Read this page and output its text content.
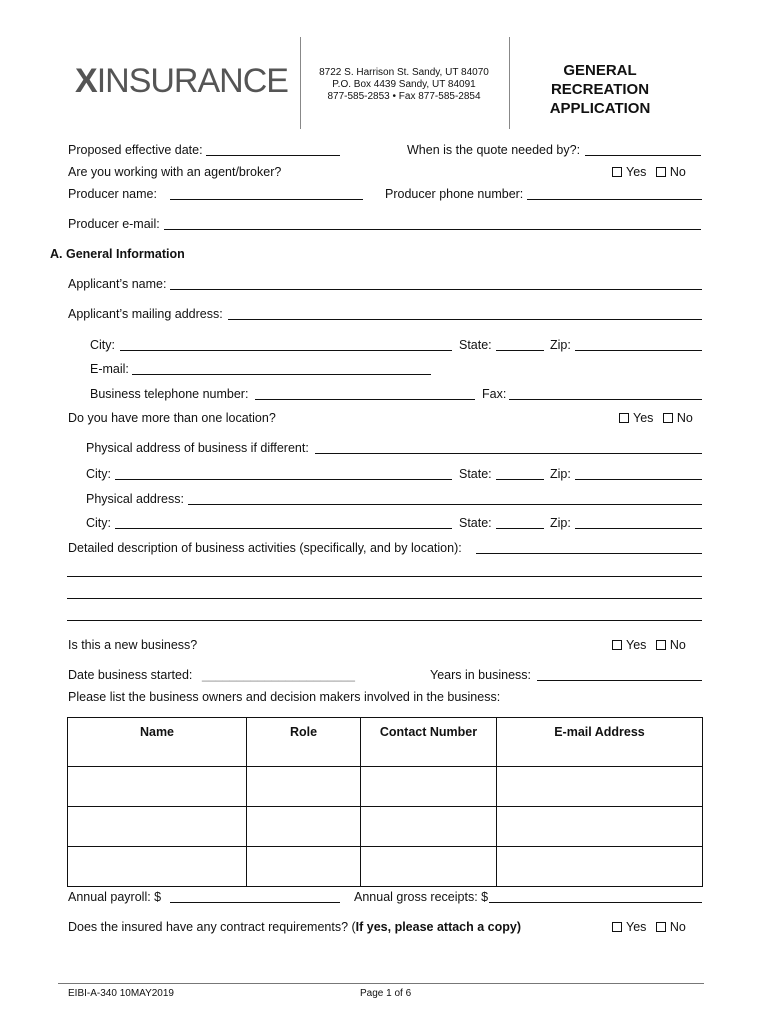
XINSURANCE	8722 S. Harrison St. Sandy, UT 84070
P.O. Box 4439 Sandy, UT 84091
877-585-2853 • Fax 877-585-2854
GENERAL
RECREATION
APPLICATION
Proposed effective date:	When is the quote needed by?:
Are you working with an agent/broker?	Yes No
Producer name:	Producer phone number:
Producer e-mail:
A. General Information
Applicant’s name:
Applicant’s mailing address:
City:	State:	Zip:
E-mail:
Business telephone number:	Fax:
Do you have more than one location?	Yes No
Physical address of business if different:
City:	State:	Zip:
Physical address:
City:	State:	Zip:
Detailed description of business activities (specifically, and by location):
Is this a new business?	Yes No
Date business started: ______________________	Years in business:
Please list the business owners and decision makers involved in the business:
Name	Role	Contact Number	E-mail Address

Annual payroll: $	Annual gross receipts: $
Does the insured have any contract requirements? (If yes, please attach a copy)	Yes No
EIBI-A-340 10MAY2019	Page 1 of 6
